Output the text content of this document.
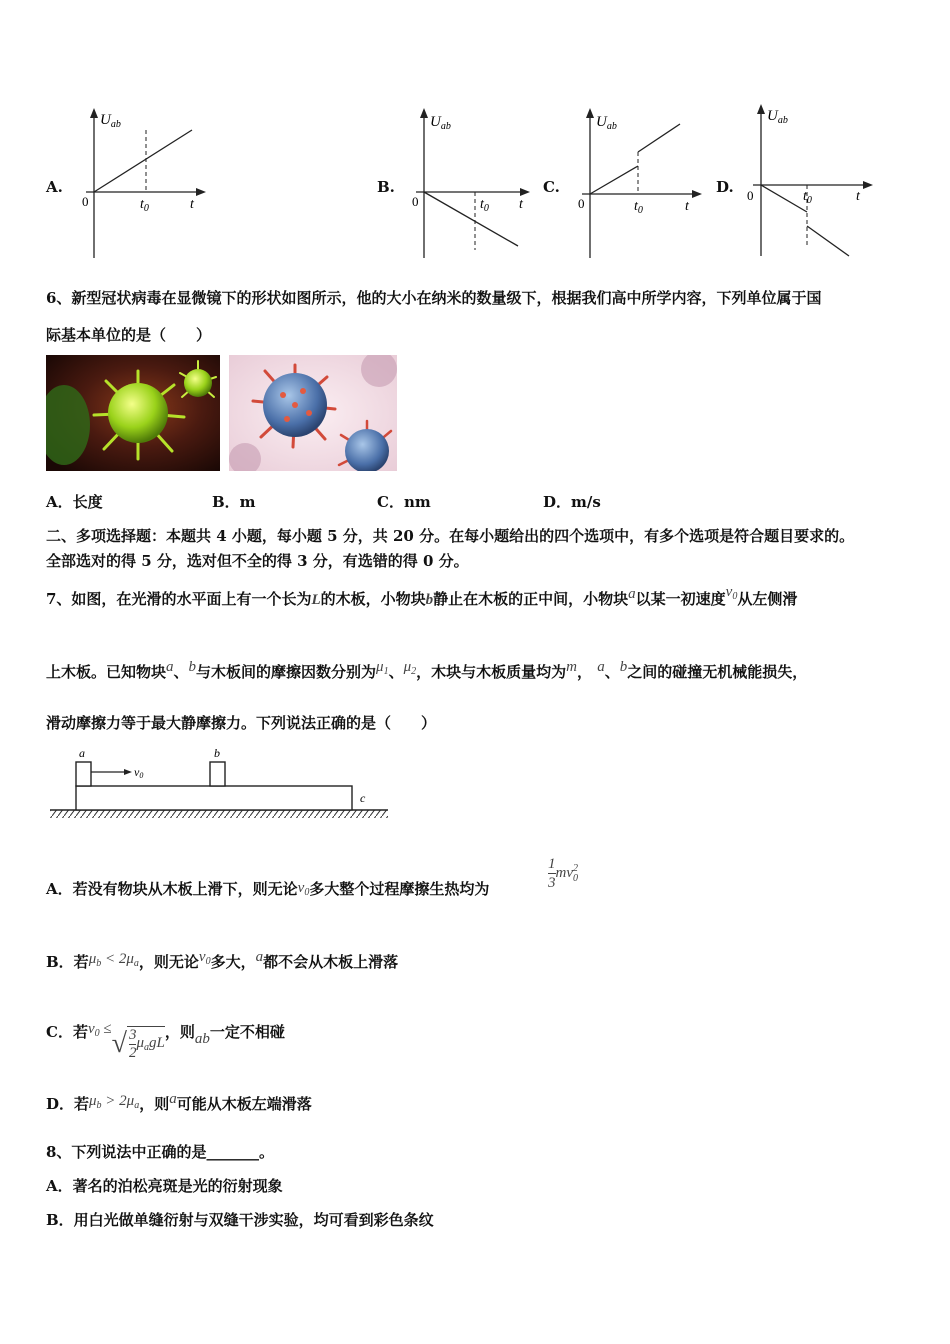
A.
$U_{ab}$
0	$t_0$	t
B.
$U_{ab}$
0	$t_0$ t
C.
$U_{ab}$
0	$t_0$	t
D.
$U_{ab}$
0	$t_0$	t
6、新型冠状病毒在显微镜下的形状如图所示，他的大小在纳米的数量级下，根据我们高中所学内容，下列单位属于国
际基本单位的是（　　）
A．长度	B．m	C．nm	D．m/s
二、多项选择题：本题共 4 小题，每小题 5 分，共 20 分。在每小题给出的四个选项中，有多个选项是符合题目要求的。
全部选对的得 5 分，选对但不全的得 3 分，有选错的得 0 分。
7、如图，在光滑的水平面上有一个长为L的木板，小物块b静止在木板的正中间，小物块a以某一初速度$v_0$从左侧滑
上木板。已知物块a、b与木板间的摩擦因数分别为$\mu_1$、$\mu_2$，木块与木板质量均为m， a、b之间的碰撞无机械能损失，
滑动摩擦力等于最大静摩擦力。下列说法正确的是（　　）
a	b
c
v0
A．若没有物块从木板上滑下，则无论$v_0$多大整个过程摩擦生热均为	$\frac{1}{3}$ mv 2
0
B．若$\mu_b < 2\mu_a$，则无论$v_0$多大，a都不会从木板上滑落
C．若$v_0$ ≤√ $\frac{3}{2} \mu_agL$，则ab一定不相碰
D．若$\mu_b > 2\mu_a$，则a可能从木板左端滑落
8、下列说法中正确的是_______。
A．著名的泊松亮斑是光的衍射现象
B．用白光做单缝衍射与双缝干涉实验，均可看到彩色条纹
